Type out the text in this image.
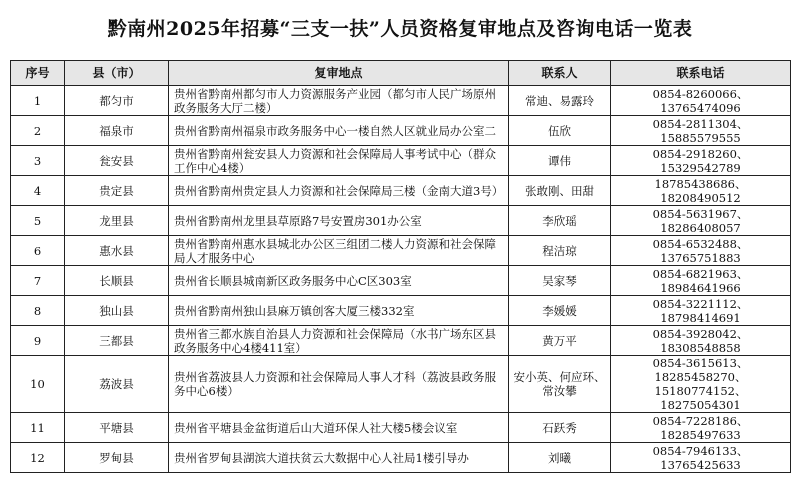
黔南州2025年招募“三支一扶”人员资格复审地点及咨询电话一览表
序号	县（市）	复审地点	联系人	联系电话
1	都匀市	贵州省黔南州都匀市人力资源服务产业园（都匀市人民广场原州政务服务大厅二楼）	常迪、易露玲	0854-8260066、13765474096
2	福泉市	贵州省黔南州福泉市政务服务中心一楼自然人区就业局办公室二	伍欣	0854-2811304、15885579555
3	瓮安县	贵州省黔南州瓮安县人力资源和社会保障局人事考试中心（群众工作中心4楼）	谭伟	0854-2918260、15329542789
4	贵定县	贵州省黔南州贵定县人力资源和社会保障局三楼（金南大道3号）	张敢刚、田甜	18785438686、18208490512
5	龙里县	贵州省黔南州龙里县草原路7号安置房301办公室	李欣瑶	0854-5631967、18286408057
6	惠水县	贵州省黔南州惠水县城北办公区三组团二楼人力资源和社会保障局人才服务中心	程洁琼	0854-6532488、13765751883
7	长顺县	贵州省长顺县城南新区政务服务中心C区303室	吴家琴	0854-6821963、18984641966
8	独山县	贵州省黔南州独山县麻万镇创客大厦三楼332室	李媛媛	0854-3221112、18798414691
9	三都县	贵州省三都水族自治县人力资源和社会保障局（水书广场东区县政务服务中心4楼411室）	黄万平	0854-3928042、18308548858
10	荔波县	贵州省荔波县人力资源和社会保障局人事人才科（荔波县政务服务中心6楼）	安小英、何应环、常汝攀	0854-3615613、18285458270、15180774152、18275054301
11	平塘县	贵州省平塘县金盆街道后山大道环保人社大楼5楼会议室	石跃秀	0854-7228186、18285497633
12	罗甸县	贵州省罗甸县湖滨大道扶贫云大数据中心人社局1楼引导办	刘曦	0854-7946133、13765425633
